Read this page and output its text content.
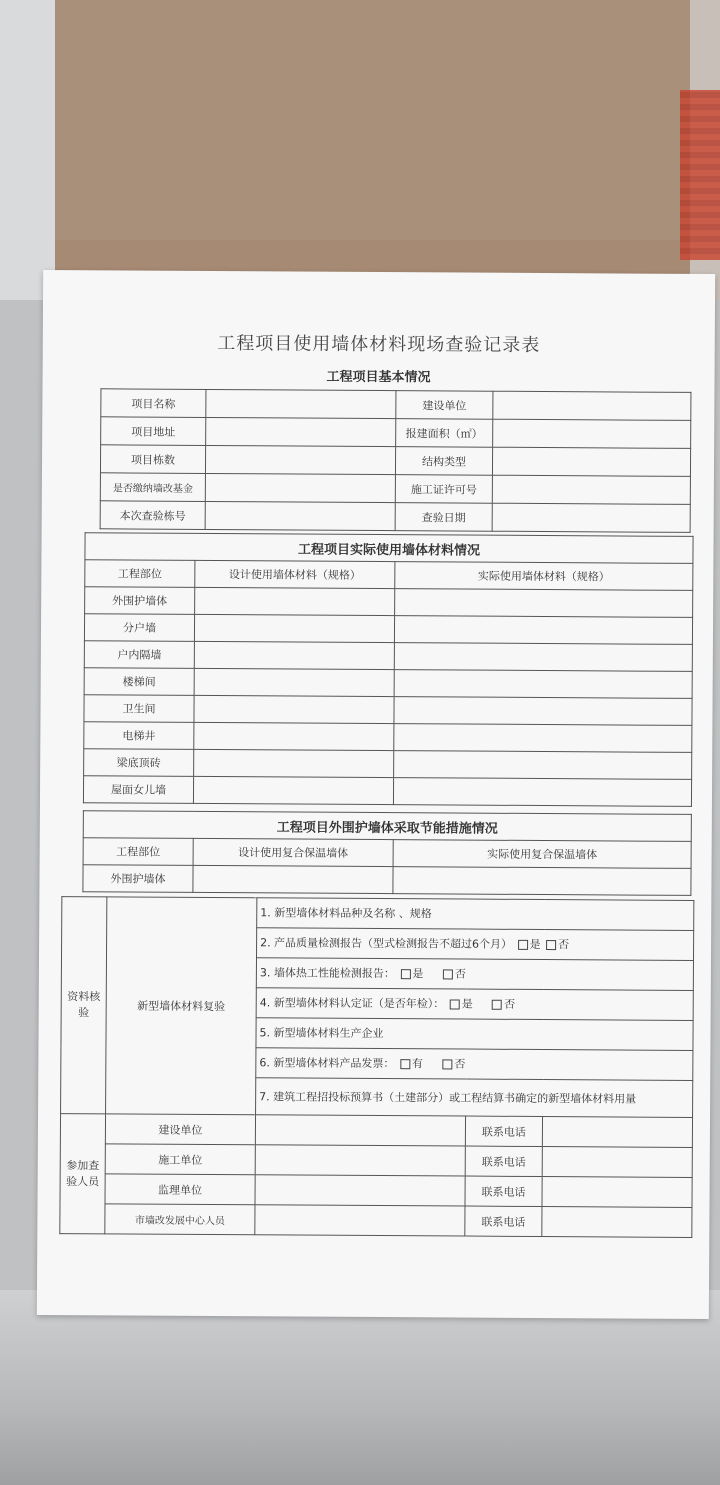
工程项目使用墙体材料现场查验记录表
工程项目基本情况
项目名称		建设单位	
项目地址		报建面积（㎡）	
项目栋数		结构类型	
是否缴纳墙改基金		施工证许可号	
本次查验栋号		查验日期	
工程项目实际使用墙体材料情况		
工程部位	设计使用墙体材料（规格）	实际使用墙体材料（规格）
外围护墙体		
分户墙		
户内隔墙		
楼梯间		
卫生间		
电梯井		
梁底顶砖		
屋面女儿墙		
工程项目外围护墙体采取节能措施情况		
工程部位	设计使用复合保温墙体	实际使用复合保温墙体
外围护墙体		
资料核验	新型墙体材料复验	1. 新型墙体材料品种及名称 、规格		
		2. 产品质量检测报告（型式检测报告不超过6个月） 是 否		
		3. 墙体热工性能检测报告： 是 否		
		4. 新型墙体材料认定证（是否年检）： 是 否		
		5. 新型墙体材料生产企业		
		6. 新型墙体材料产品发票： 有 否		
		7. 建筑工程招投标预算书（土建部分）或工程结算书确定的新型墙体材料用量		
参加查验人员	建设单位		联系电话	
	施工单位		联系电话	
	监理单位		联系电话	
	市墙改发展中心人员		联系电话	
